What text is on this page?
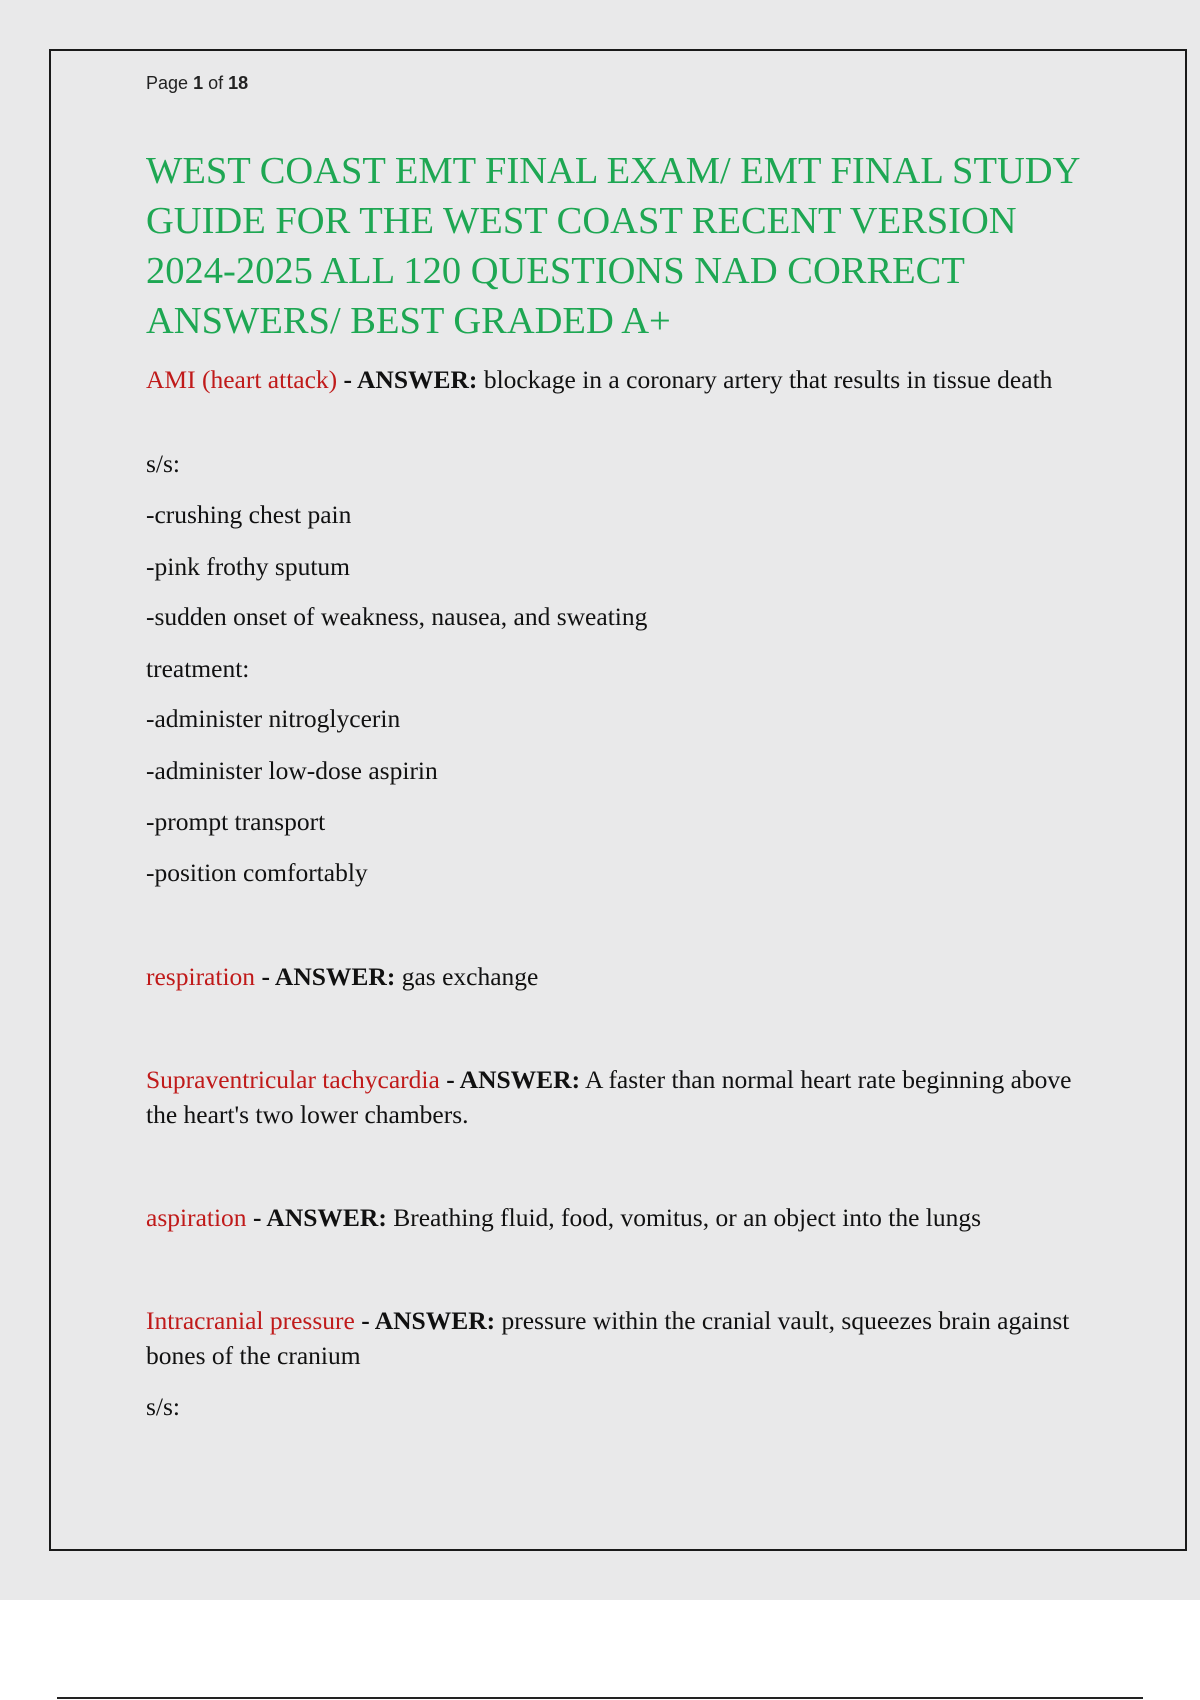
Page 1 of 18
WEST COAST EMT FINAL EXAM/ EMT FINAL STUDY GUIDE FOR THE WEST COAST RECENT VERSION 2024-2025 ALL 120 QUESTIONS NAD CORRECT ANSWERS/ BEST GRADED A+
AMI (heart attack) - ANSWER: blockage in a coronary artery that results in tissue death
s/s:
-crushing chest pain
-pink frothy sputum
-sudden onset of weakness, nausea, and sweating
treatment:
-administer nitroglycerin
-administer low-dose aspirin
-prompt transport
-position comfortably
respiration - ANSWER: gas exchange
Supraventricular tachycardia - ANSWER: A faster than normal heart rate beginning above the heart's two lower chambers.
aspiration - ANSWER: Breathing fluid, food, vomitus, or an object into the lungs
Intracranial pressure - ANSWER: pressure within the cranial vault, squeezes brain against bones of the cranium
s/s:
